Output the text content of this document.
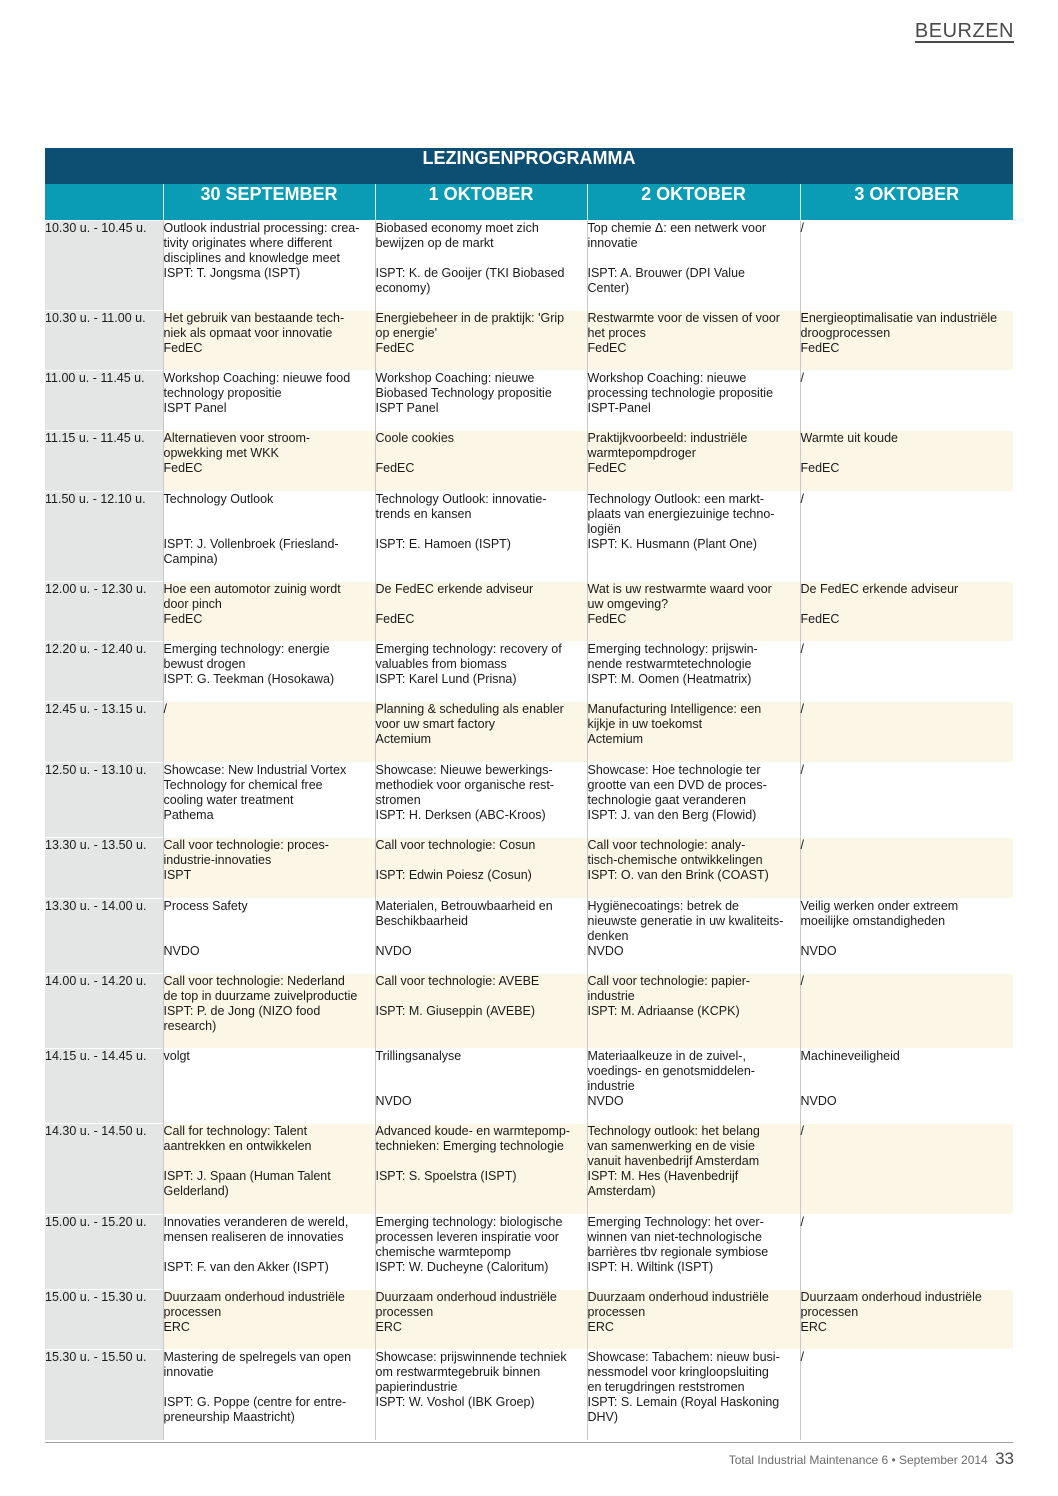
BEURZEN
LEZINGENPROGRAMMA				
	30 SEPTEMBER	1 OKTOBER	2 OKTOBER	3 OKTOBER
10.30 u. - 10.45 u.	Outlook industrial processing: crea-
tivity originates where different
disciplines and knowledge meet
ISPT: T. Jongsma (ISPT)	Biobased economy moet zich
bewijzen op de markt

ISPT: K. de Gooijer (TKI Biobased
economy)	Top chemie Δ: een netwerk voor
innovatie

ISPT: A. Brouwer (DPI Value
Center)	/

10.30 u. - 11.00 u.	Het gebruik van bestaande tech-
niek als opmaat voor innovatie
FedEC	Energiebeheer in de praktijk: 'Grip
op energie'
FedEC	Restwarmte voor de vissen of voor
het proces
FedEC	Energieoptimalisatie van industriële
droogprocessen
FedEC

11.00 u. - 11.45 u.	Workshop Coaching: nieuwe food
technology propositie
ISPT Panel	Workshop Coaching: nieuwe
Biobased Technology propositie
ISPT Panel	Workshop Coaching: nieuwe
processing technologie propositie
ISPT-Panel	/

11.15 u. - 11.45 u.	Alternatieven voor stroom-
opwekking met WKK
FedEC	Coole cookies

FedEC	Praktijkvoorbeeld: industriële
warmtepompdroger
FedEC	Warmte uit koude

FedEC

11.50 u. - 12.10 u.	Technology Outlook

ISPT: J. Vollenbroek (Friesland-
Campina)	Technology Outlook: innovatie-
trends en kansen

ISPT: E. Hamoen (ISPT)	Technology Outlook: een markt-
plaats van energiezuinige techno-
logiën
ISPT: K. Husmann (Plant One)	/

12.00 u. - 12.30 u.	Hoe een automotor zuinig wordt
door pinch
FedEC	De FedEC erkende adviseur

FedEC	Wat is uw restwarmte waard voor
uw omgeving?
FedEC	De FedEC erkende adviseur

FedEC

12.20 u. - 12.40 u.	Emerging technology: energie
bewust drogen
ISPT: G. Teekman (Hosokawa)	Emerging technology: recovery of
valuables from biomass
ISPT: Karel Lund (Prisna)	Emerging technology: prijswin-
nende restwarmtetechnologie
ISPT: M. Oomen (Heatmatrix)	/

12.45 u. - 13.15 u.	/	Planning & scheduling als enabler
voor uw smart factory
Actemium	Manufacturing Intelligence: een
kijkje in uw toekomst
Actemium	/

12.50 u. - 13.10 u.	Showcase: New Industrial Vortex
Technology for chemical free
cooling water treatment
Pathema	Showcase: Nieuwe bewerkings-
methodiek voor organische rest-
stromen
ISPT: H. Derksen (ABC-Kroos)	Showcase: Hoe technologie ter
grootte van een DVD de proces-
technologie gaat veranderen
ISPT: J. van den Berg (Flowid)	/

13.30 u. - 13.50 u.	Call voor technologie: proces-
industrie-innovaties
ISPT	Call voor technologie: Cosun

ISPT: Edwin Poiesz (Cosun)	Call voor technologie: analy-
tisch-chemische ontwikkelingen
ISPT: O. van den Brink (COAST)	/

13.30 u. - 14.00 u.	Process Safety

NVDO	Materialen, Betrouwbaarheid en
Beschikbaarheid

NVDO	Hygiënecoatings: betrek de
nieuwste generatie in uw kwaliteits-
denken
NVDO	Veilig werken onder extreem
moeilijke omstandigheden

NVDO

14.00 u. - 14.20 u.	Call voor technologie: Nederland
de top in duurzame zuivelproductie
ISPT: P. de Jong (NIZO food
research)	Call voor technologie: AVEBE

ISPT: M. Giuseppin (AVEBE)	Call voor technologie: papier-
industrie
ISPT: M. Adriaanse (KCPK)	/

14.15 u. - 14.45 u.	volgt	Trillingsanalyse

NVDO	Materiaalkeuze in de zuivel-,
voedings- en genotsmiddelen-
industrie
NVDO	Machineveiligheid

NVDO

14.30 u. - 14.50 u.	Call for technology: Talent
aantrekken en ontwikkelen

ISPT: J. Spaan (Human Talent
Gelderland)	Advanced koude- en warmtepomp-
technieken: Emerging technologie

ISPT: S. Spoelstra (ISPT)	Technology outlook: het belang
van samenwerking en de visie
vanuit havenbedrijf Amsterdam
ISPT: M. Hes (Havenbedrijf
Amsterdam)	/

15.00 u. - 15.20 u.	Innovaties veranderen de wereld,
mensen realiseren de innovaties

ISPT: F. van den Akker (ISPT)	Emerging technology: biologische
processen leveren inspiratie voor
chemische warmtepomp
ISPT: W. Ducheyne (Caloritum)	Emerging Technology: het over-
winnen van niet-technologische
barrières tbv regionale symbiose
ISPT: H. Wiltink (ISPT)	/

15.00 u. - 15.30 u.	Duurzaam onderhoud industriële
processen
ERC	Duurzaam onderhoud industriële
processen
ERC	Duurzaam onderhoud industriële
processen
ERC	Duurzaam onderhoud industriële
processen
ERC

15.30 u. - 15.50 u.	Mastering de spelregels van open
innovatie

ISPT: G. Poppe (centre for entre-
preneurship Maastricht)	Showcase: prijswinnende techniek
om restwarmtegebruik binnen
papierindustrie
ISPT: W. Voshol (IBK Groep)	Showcase: Tabachem: nieuw busi-
nessmodel voor kringloopsluiting
en terugdringen reststromen
ISPT: S. Lemain (Royal Haskoning
DHV)	/
Total Industrial Maintenance 6 • September 2014 33
